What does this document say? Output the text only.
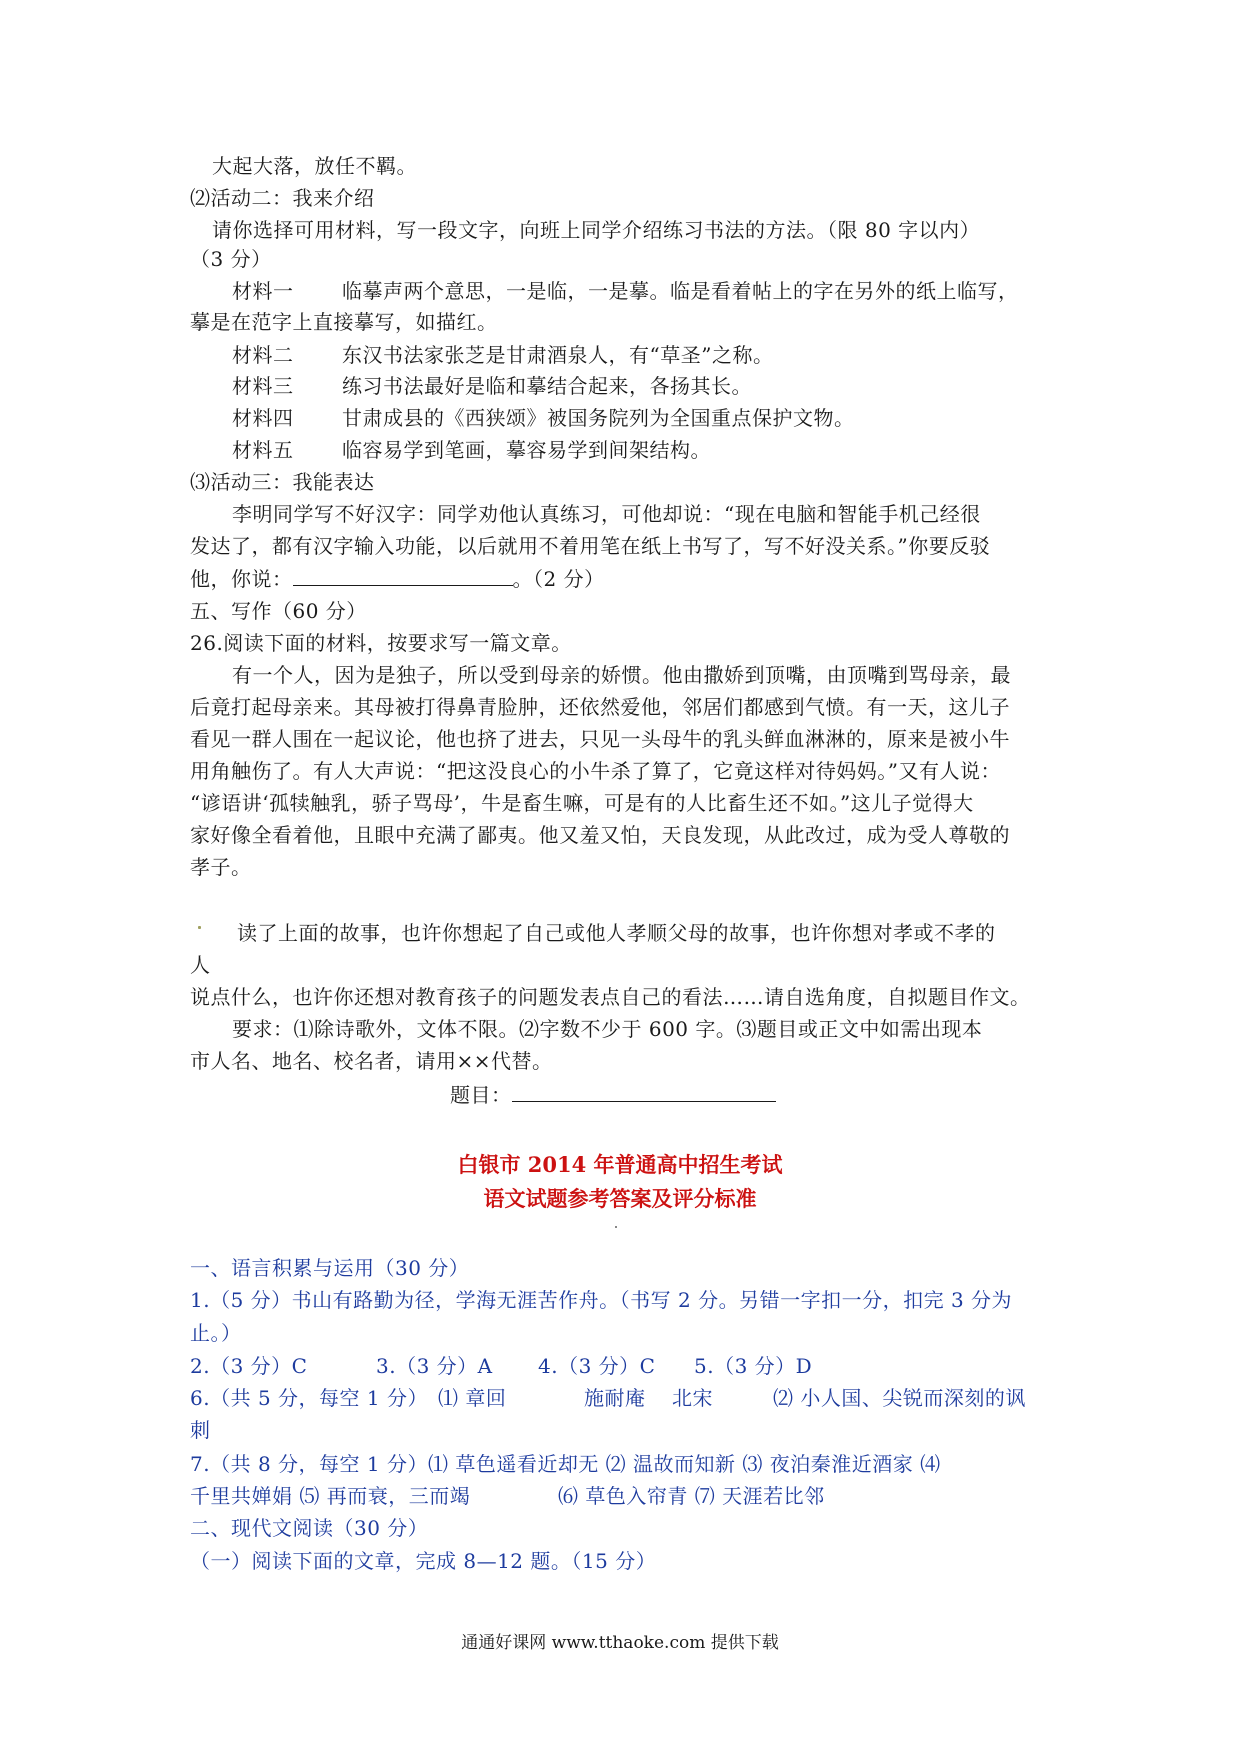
大起大落，放任不羁。
⑵活动二：我来介绍
请你选择可用材料，写一段文字，向班上同学介绍练习书法的方法。（限 80 字以内）
（3 分）
材料一 临摹声两个意思，一是临，一是摹。临是看着帖上的字在另外的纸上临写，
摹是在范字上直接摹写，如描红。
材料二 东汉书法家张芝是甘肃酒泉人，有“草圣”之称。
材料三 练习书法最好是临和摹结合起来，各扬其长。
材料四 甘肃成县的《西狭颂》被国务院列为全国重点保护文物。
材料五 临容易学到笔画，摹容易学到间架结构。
⑶活动三：我能表达
李明同学写不好汉字：同学劝他认真练习，可他却说：“现在电脑和智能手机己经很
发达了，都有汉字输入功能，以后就用不着用笔在纸上书写了，写不好没关系。”你要反驳
他，你说：	。（2 分）
五、写作（60 分）
26.阅读下面的材料，按要求写一篇文章。
有一个人，因为是独子，所以受到母亲的娇惯。他由撒娇到顶嘴，由顶嘴到骂母亲，最
后竟打起母亲来。其母被打得鼻青脸肿，还依然爱他，邻居们都感到气愤。有一天，这儿子
看见一群人围在一起议论，他也挤了进去，只见一头母牛的乳头鲜血淋淋的，原来是被小牛
用角触伤了。有人大声说：“把这没良心的小牛杀了算了，它竟这样对待妈妈。”又有人说：
“谚语讲‘孤犊触乳，骄子骂母’，牛是畜生嘛，可是有的人比畜生还不如。”这儿子觉得大
家好像全看着他，且眼中充满了鄙夷。他又羞又怕，天良发现，从此改过，成为受人尊敬的
孝子。
读了上面的故事，也许你想起了自己或他人孝顺父母的故事，也许你想对孝或不孝的
人
说点什么，也许你还想对教育孩子的问题发表点自己的看法……请自选角度，自拟题目作文。
要求：⑴除诗歌外，文体不限。⑵字数不少于 600 字。⑶题目或正文中如需出现本
市人名、地名、校名者，请用××代替。
题目：
白银市 2014 年普通高中招生考试
语文试题参考答案及评分标准
一、语言积累与运用（30 分）
1.（5 分）书山有路勤为径，学海无涯苦作舟。（书写 2 分。另错一字扣一分，扣完 3 分为
止。）
2.（3 分）C	3.（3 分）A 4.（3 分）C 5.（3 分）D
6.（共 5 分，每空 1 分） ⑴ 章回	施耐庵 北宋	⑵ 小人国、尖锐而深刻的讽
刺
7.（共 8 分，每空 1 分）⑴ 草色遥看近却无 ⑵ 温故而知新 ⑶ 夜泊秦淮近酒家 ⑷
千里共婵娟 ⑸ 再而衰，三而竭	⑹ 草色入帘青 ⑺ 天涯若比邻
二、现代文阅读（30 分）
（一）阅读下面的文章，完成 8—12 题。（15 分）
通通好课网 www.tthaoke.com 提供下载
